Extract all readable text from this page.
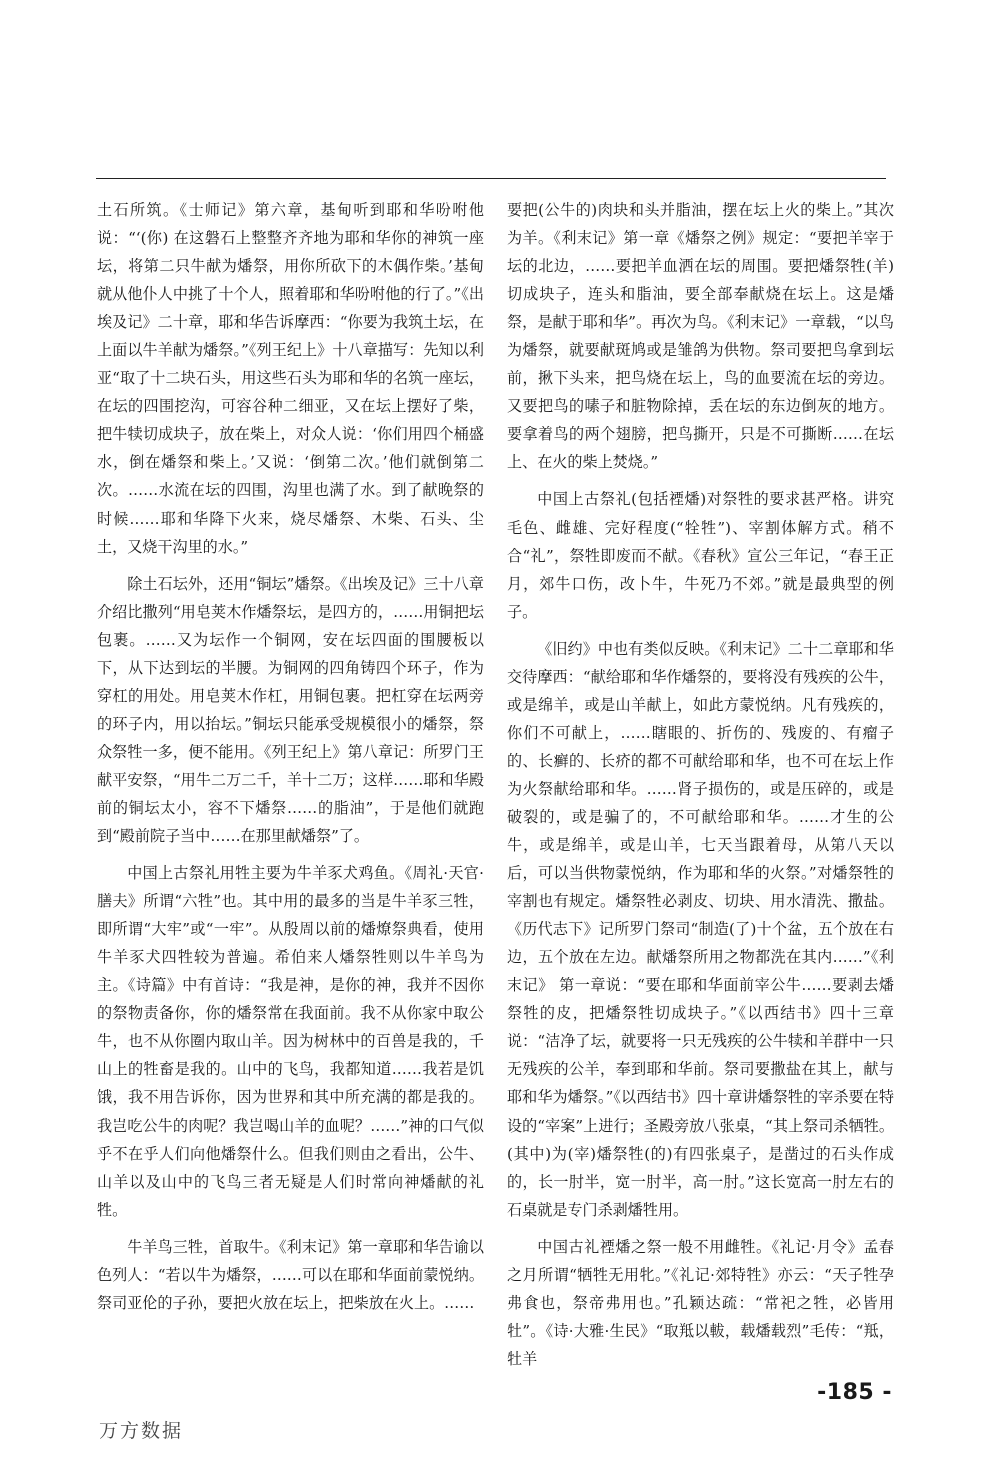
土石所筑。《士师记》第六章，基甸听到耶和华吩咐他说：“‘(你) 在这磐石上整整齐齐地为耶和华你的神筑一座坛，将第二只牛献为燔祭，用你所砍下的木偶作柴。’基甸就从他仆人中挑了十个人，照着耶和华吩咐他的行了。”《出埃及记》二十章，耶和华告诉摩西：“你要为我筑土坛，在上面以牛羊献为燔祭。”《列王纪上》十八章描写：先知以利亚“取了十二块石头，用这些石头为耶和华的名筑一座坛，在坛的四围挖沟，可容谷种二细亚，又在坛上摆好了柴，把牛犊切成块子，放在柴上，对众人说：‘你们用四个桶盛水，倒在燔祭和柴上。’又说：‘倒第二次。’他们就倒第二次。……水流在坛的四围，沟里也满了水。到了献晚祭的时候……耶和华降下火来，烧尽燔祭、木柴、石头、尘土，又烧干沟里的水。”

除土石坛外，还用“铜坛”燔祭。《出埃及记》三十八章介绍比撒列“用皂荚木作燔祭坛，是四方的，……用铜把坛包裹。……又为坛作一个铜网，安在坛四面的围腰板以下，从下达到坛的半腰。为铜网的四角铸四个环子，作为穿杠的用处。用皂荚木作杠，用铜包裹。把杠穿在坛两旁的环子内，用以抬坛。”铜坛只能承受规模很小的燔祭，祭众祭牲一多，便不能用。《列王纪上》第八章记：所罗门王献平安祭，“用牛二万二千，羊十二万；这样……耶和华殿前的铜坛太小，容不下燔祭……的脂油”，于是他们就跑到“殿前院子当中……在那里献燔祭”了。

中国上古祭礼用牲主要为牛羊豕犬鸡鱼。《周礼·天官·膳夫》所谓“六牲”也。其中用的最多的当是牛羊豕三牲，即所谓“大牢”或“一牢”。从殷周以前的燔燎祭典看，使用牛羊豕犬四牲较为普遍。希伯来人燔祭牲则以牛羊鸟为主。《诗篇》中有首诗：“我是神，是你的神，我并不因你的祭物责备你，你的燔祭常在我面前。我不从你家中取公牛，也不从你圈内取山羊。因为树林中的百兽是我的，千山上的牲畜是我的。山中的飞鸟，我都知道……我若是饥饿，我不用告诉你，因为世界和其中所充满的都是我的。我岂吃公牛的肉呢？我岂喝山羊的血呢？……”神的口气似乎不在乎人们向他燔祭什么。但我们则由之看出，公牛、山羊以及山中的飞鸟三者无疑是人们时常向神燔献的礼牲。

牛羊鸟三牲，首取牛。《利末记》第一章耶和华告谕以色列人：“若以牛为燔祭，……可以在耶和华面前蒙悦纳。祭司亚伦的子孙，要把火放在坛上，把柴放在火上。……

要把(公牛的)肉块和头并脂油，摆在坛上火的柴上。”其次为羊。《利末记》第一章《燔祭之例》规定：“要把羊宰于坛的北边，……要把羊血洒在坛的周围。要把燔祭牲(羊)切成块子，连头和脂油，要全部奉献烧在坛上。这是燔祭，是献于耶和华”。再次为鸟。《利末记》一章载，“以鸟为燔祭，就要献斑鸠或是雏鸽为供物。祭司要把鸟拿到坛前，揪下头来，把鸟烧在坛上，鸟的血要流在坛的旁边。又要把鸟的嗉子和脏物除掉，丢在坛的东边倒灰的地方。要拿着鸟的两个翅膀，把鸟撕开，只是不可撕断……在坛上、在火的柴上焚烧。”

中国上古祭礼(包括禋燔)对祭牲的要求甚严格。讲究毛色、雌雄、完好程度(“牷牲”)、宰割体解方式。稍不合“礼”，祭牲即废而不献。《春秋》宣公三年记，“春王正月，郊牛口伤，改卜牛，牛死乃不郊。”就是最典型的例子。

《旧约》中也有类似反映。《利末记》二十二章耶和华交待摩西：“献给耶和华作燔祭的，要将没有残疾的公牛，或是绵羊，或是山羊献上，如此方蒙悦纳。凡有残疾的，你们不可献上，……瞎眼的、折伤的、残废的、有瘤子的、长癣的、长疥的都不可献给耶和华，也不可在坛上作为火祭献给耶和华。……肾子损伤的，或是压碎的，或是破裂的，或是骗了的，不可献给耶和华。……才生的公牛，或是绵羊，或是山羊，七天当跟着母，从第八天以后，可以当供物蒙悦纳，作为耶和华的火祭。”对燔祭牲的宰割也有规定。燔祭牲必剥皮、切块、用水清洗、撒盐。《历代志下》记所罗门祭司“制造(了)十个盆，五个放在右边，五个放在左边。献燔祭所用之物都洗在其内……”《利末记》 第一章说：“要在耶和华面前宰公牛……要剥去燔祭牲的皮，把燔祭牲切成块子。”《以西结书》四十三章说：“洁净了坛，就要将一只无残疾的公牛犊和羊群中一只无残疾的公羊，奉到耶和华前。祭司要撒盐在其上，献与耶和华为燔祭。”《以西结书》四十章讲燔祭牲的宰杀要在特设的“宰案”上进行；圣殿旁放八张桌，“其上祭司杀牺牲。(其中)为(宰)燔祭牲(的)有四张桌子，是凿过的石头作成的，长一肘半，宽一肘半，高一肘。”这长宽高一肘左右的石桌就是专门杀剥燔牲用。

中国古礼禋燔之祭一般不用雌牲。《礼记·月令》孟春之月所谓“牺牲无用牝。”《礼记·郊特牲》亦云：“天子牲孕弗食也，祭帝弗用也。”孔颖达疏：“常祀之牲，必皆用牡”。《诗·大雅·生民》“取羝以軷，载燔载烈”毛传：“羝，牡羊

-185 -
万方数据
